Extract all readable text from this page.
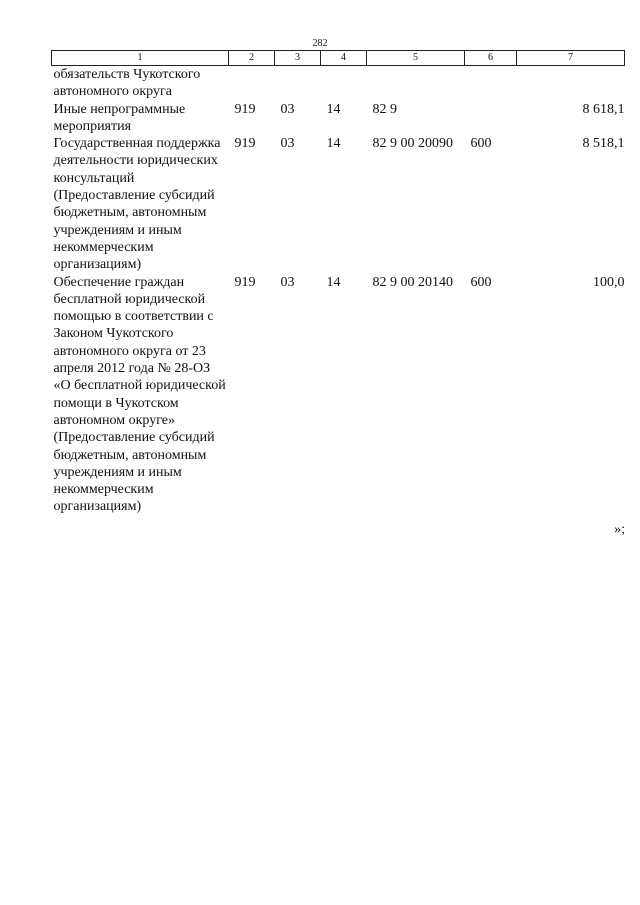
282
1	2	3	4	5	6	7
обязательств Чукотского автономного округа						
Иные непрограммные мероприятия	919	03	14	82 9		8 618,1
Государственная поддержка деятельности юридических консультаций (Предоставление субсидий бюджетным, автономным учреждениям и иным некоммерческим организациям)	919	03	14	82 9 00 20090	600	8 518,1
Обеспечение граждан бесплатной юридической помощью в соответствии с Законом Чукотского автономного округа от 23 апреля 2012 года № 28-ОЗ «О бесплатной юридической помощи в Чукотском автономном округе» (Предоставление субсидий бюджетным, автономным учреждениям и иным некоммерческим организациям)	919	03	14	82 9 00 20140	600	100,0
»;
